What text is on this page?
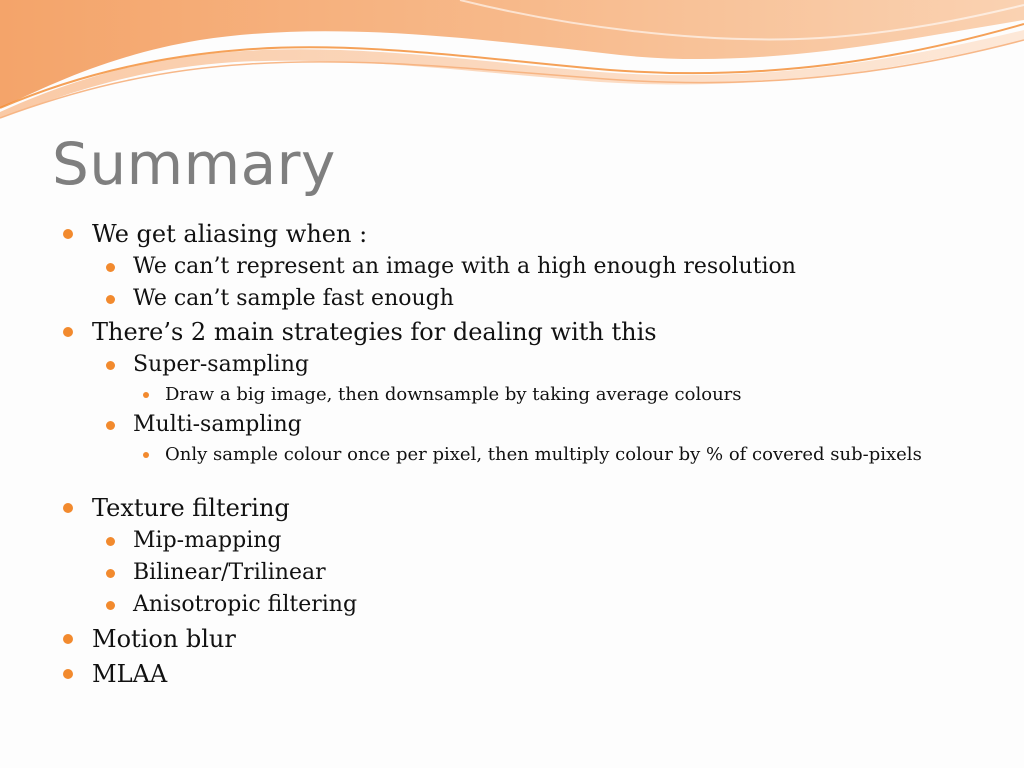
Summary
We get aliasing when :
We can’t represent an image with a high enough resolution
We can’t sample fast enough
There’s 2 main strategies for dealing with this
Super-sampling
Draw a big image, then downsample by taking average colours
Multi-sampling
Only sample colour once per pixel, then multiply colour by % of covered sub-pixels
Texture filtering
Mip-mapping
Bilinear/Trilinear
Anisotropic filtering
Motion blur
MLAA
